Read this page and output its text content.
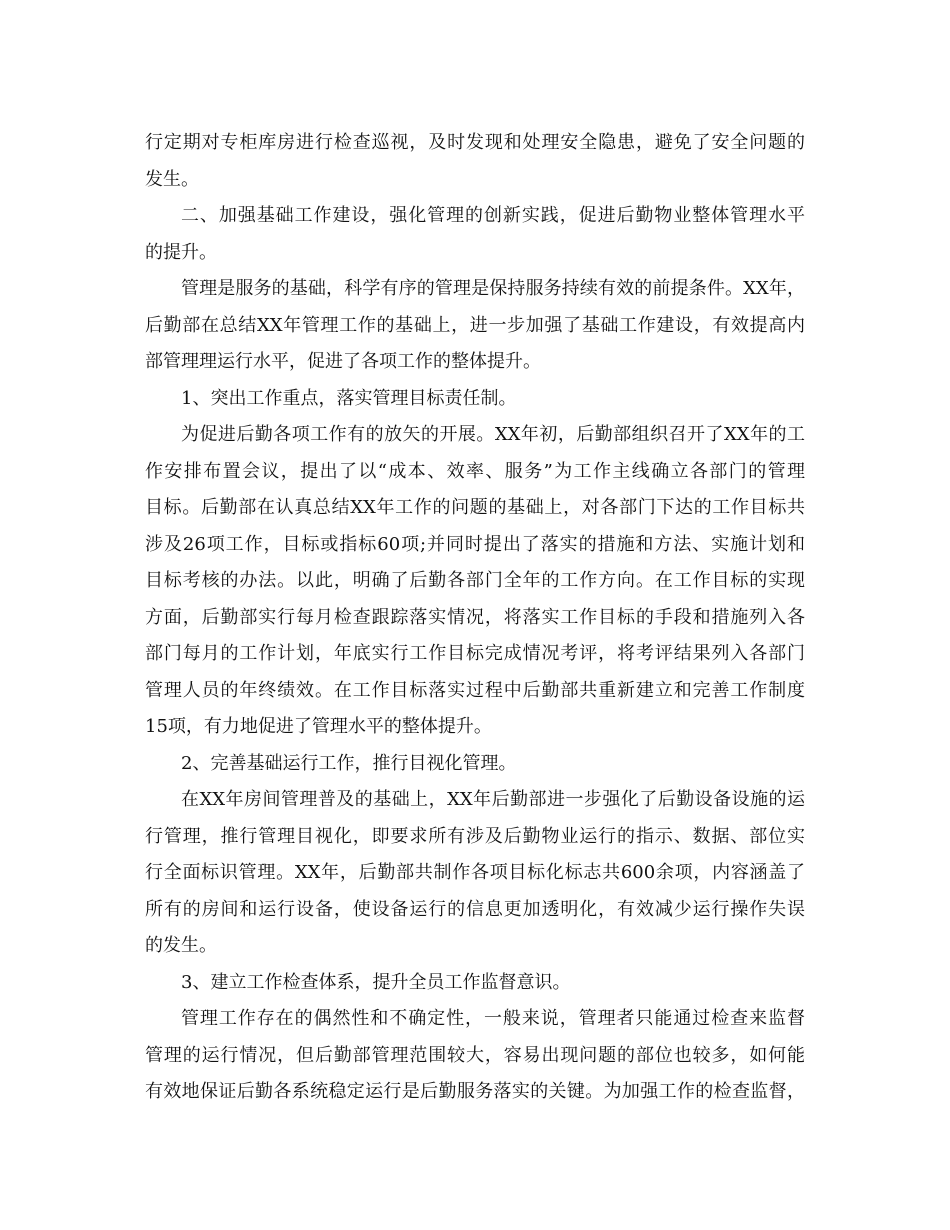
行定期对专柜库房进行检查巡视，及时发现和处理安全隐患，避免了安全问题的
发生。
二、加强基础工作建设，强化管理的创新实践，促进后勤物业整体管理水平
的提升。
管理是服务的基础，科学有序的管理是保持服务持续有效的前提条件。XX年，
后勤部在总结XX年管理工作的基础上，进一步加强了基础工作建设，有效提高内
部管理理运行水平，促进了各项工作的整体提升。
1、突出工作重点，落实管理目标责任制。
为促进后勤各项工作有的放矢的开展。XX年初，后勤部组织召开了XX年的工
作安排布置会议，提出了以“成本、效率、服务”为工作主线确立各部门的管理
目标。后勤部在认真总结XX年工作的问题的基础上，对各部门下达的工作目标共
涉及26项工作，目标或指标60项;并同时提出了落实的措施和方法、实施计划和
目标考核的办法。以此，明确了后勤各部门全年的工作方向。在工作目标的实现
方面，后勤部实行每月检查跟踪落实情况，将落实工作目标的手段和措施列入各
部门每月的工作计划，年底实行工作目标完成情况考评，将考评结果列入各部门
管理人员的年终绩效。在工作目标落实过程中后勤部共重新建立和完善工作制度
15项，有力地促进了管理水平的整体提升。
2、完善基础运行工作，推行目视化管理。
在XX年房间管理普及的基础上，XX年后勤部进一步强化了后勤设备设施的运
行管理，推行管理目视化，即要求所有涉及后勤物业运行的指示、数据、部位实
行全面标识管理。XX年，后勤部共制作各项目标化标志共600余项，内容涵盖了
所有的房间和运行设备，使设备运行的信息更加透明化，有效减少运行操作失误
的发生。
3、建立工作检查体系，提升全员工作监督意识。
管理工作存在的偶然性和不确定性，一般来说，管理者只能通过检查来监督
管理的运行情况，但后勤部管理范围较大，容易出现问题的部位也较多，如何能
有效地保证后勤各系统稳定运行是后勤服务落实的关键。为加强工作的检查监督，
